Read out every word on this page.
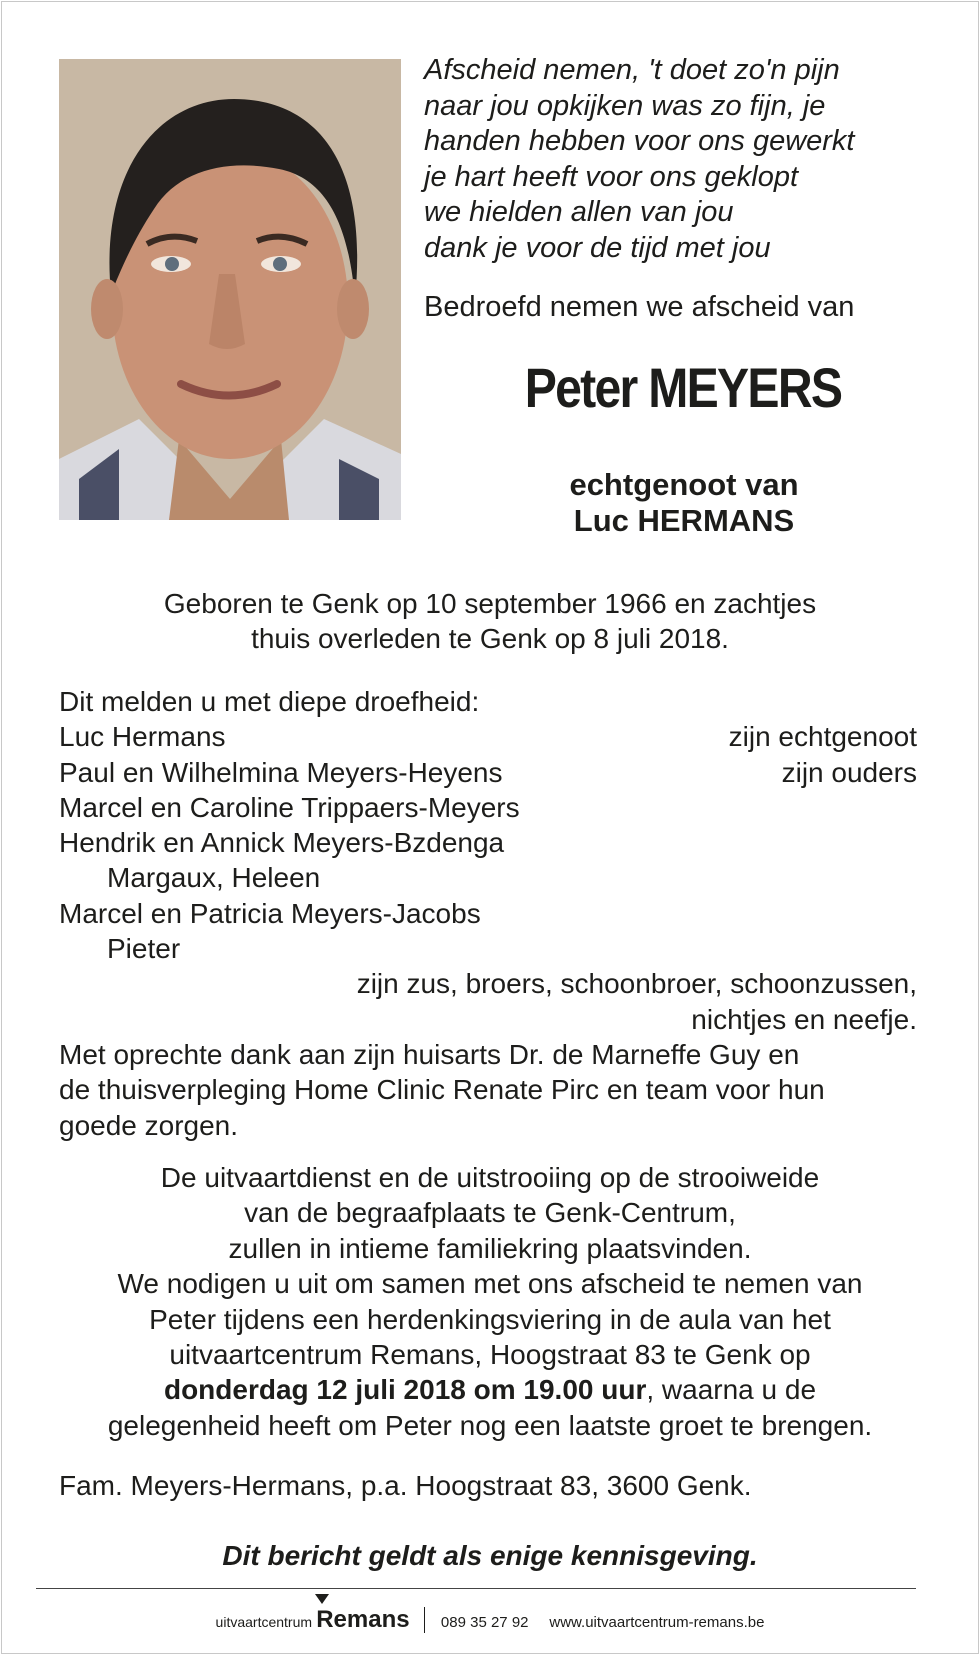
Afscheid nemen, 't doet zo'n pijn
naar jou opkijken was zo fijn, je
handen hebben voor ons gewerkt
je hart heeft voor ons geklopt
we hielden allen van jou
dank je voor de tijd met jou
Bedroefd nemen we afscheid van
Peter MEYERS
echtgenoot van
Luc HERMANS
Geboren te Genk op 10 september 1966 en zachtjes
thuis overleden te Genk op 8 juli 2018.
Dit melden u met diepe droefheid:
Luc Hermans	zijn echtgenoot
Paul en Wilhelmina Meyers-Heyens	zijn ouders
Marcel en Caroline Trippaers-Meyers
Hendrik en Annick Meyers-Bzdenga
Margaux, Heleen
Marcel en Patricia Meyers-Jacobs
Pieter
zijn zus, broers, schoonbroer, schoonzussen,
nichtjes en neefje.
Met oprechte dank aan zijn huisarts Dr. de Marneffe Guy en
de thuisverpleging Home Clinic Renate Pirc en team voor hun
goede zorgen.
De uitvaartdienst en de uitstrooiing op de strooiweide
van de begraafplaats te Genk-Centrum,
zullen in intieme familiekring plaatsvinden.
We nodigen u uit om samen met ons afscheid te nemen van
Peter tijdens een herdenkingsviering in de aula van het
uitvaartcentrum Remans, Hoogstraat 83 te Genk op
donderdag 12 juli 2018 om 19.00 uur, waarna u de
gelegenheid heeft om Peter nog een laatste groet te brengen.
Fam. Meyers-Hermans, p.a. Hoogstraat 83, 3600 Genk.
Dit bericht geldt als enige kennisgeving.
uitvaartcentrum Remans 089 35 27 92 www.uitvaartcentrum-remans.be
